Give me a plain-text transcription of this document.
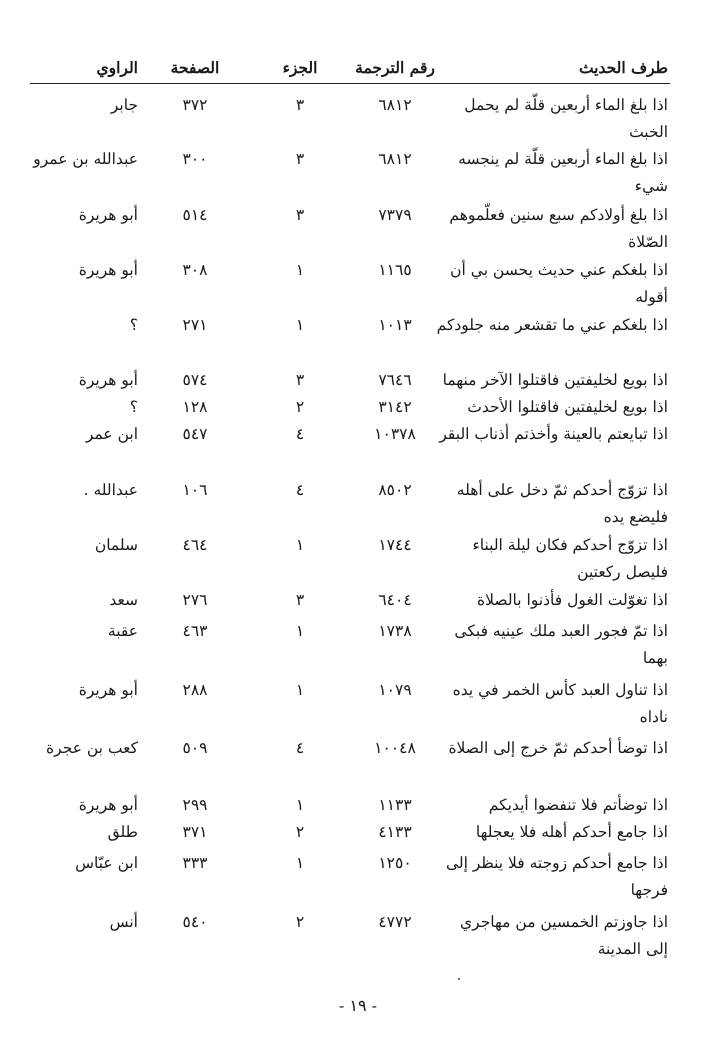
طرف الحديث
رقم الترجمة
الجزء
الصفحة
الراوي
اذا بلغ الماء أربعين قلّة لم يحمل الخبث
٦٨١٢
٣
٣٧٢
جابر
اذا بلغ الماء أربعين قلّة لم ينجسه شيء
٦٨١٢
٣
٣٠٠
عبدالله بن عمرو
اذا بلغ أولادكم سبع سنين فعلّموهم الصّلاة
٧٣٧٩
٣
٥١٤
أبو هريرة
اذا بلغكم عني حديث يحسن بي أن أقوله
١١٦٥
١
٣٠٨
أبو هريرة
اذا بلغكم عني ما تقشعر منه جلودكم
١٠١٣
١
٢٧١
؟
اذا بويع لخليفتين فاقتلوا الآخر منهما
٧٦٤٦
٣
٥٧٤
أبو هريرة
اذا بويع لخليفتين فاقتلوا الأحدث
٣١٤٢
٢
١٢٨
؟
اذا تبايعتم بالعينة وأخذتم أذناب البقر
١٠٣٧٨
٤
٥٤٧
ابن عمر
اذا تزوّج أحدكم ثمّ دخل على أهله فليضع يده
٨٥٠٢
٤
١٠٦
عبدالله .
اذا تزوّج أحدكم فكان ليلة البناء فليصل ركعتين
١٧٤٤
١
٤٦٤
سلمان
اذا تغوّلت الغول فأذنوا بالصلاة
٦٤٠٤
٣
٢٧٦
سعد
اذا تمّ فجور العبد ملك عينيه فبكى بهما
١٧٣٨
١
٤٦٣
عقبة
اذا تناول العبد كأس الخمر في يده ناداه
١٠٧٩
١
٢٨٨
أبو هريرة
اذا توضأ أحدكم ثمّ خرج إلى الصلاة
١٠٠٤٨
٤
٥٠٩
كعب بن عجرة
اذا توضأتم فلا تنفضوا أيديكم
١١٣٣
١
٢٩٩
أبو هريرة
اذا جامع أحدكم أهله فلا يعجلها
٤١٣٣
٢
٣٧١
طلق
اذا جامع أحدكم زوجته فلا ينظر إلى فرجها
١٢٥٠
١
٣٣٣
ابن عبّاس
اذا جاوزتم الخمسين من مهاجري إلى المدينة
٤٧٧٢
٢
٥٤٠
أنس
- ١٩ -
